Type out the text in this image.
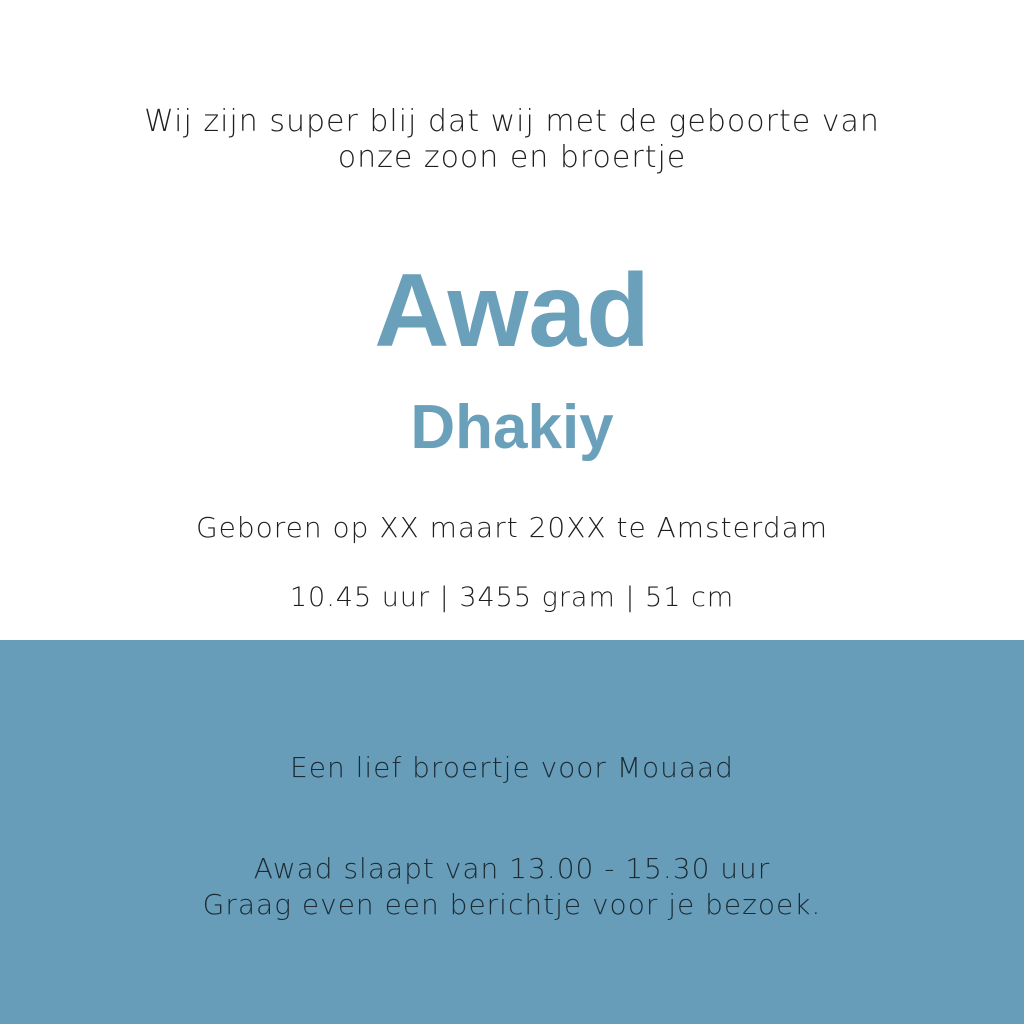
Wij zijn super blij dat wij met de geboorte van
onze zoon en broertje
Awad
Dhakiy
Geboren op XX maart 20XX te Amsterdam
10.45 uur | 3455 gram | 51 cm
Een lief broertje voor Mouaad
Awad slaapt van 13.00 - 15.30 uur
Graag even een berichtje voor je bezoek.
